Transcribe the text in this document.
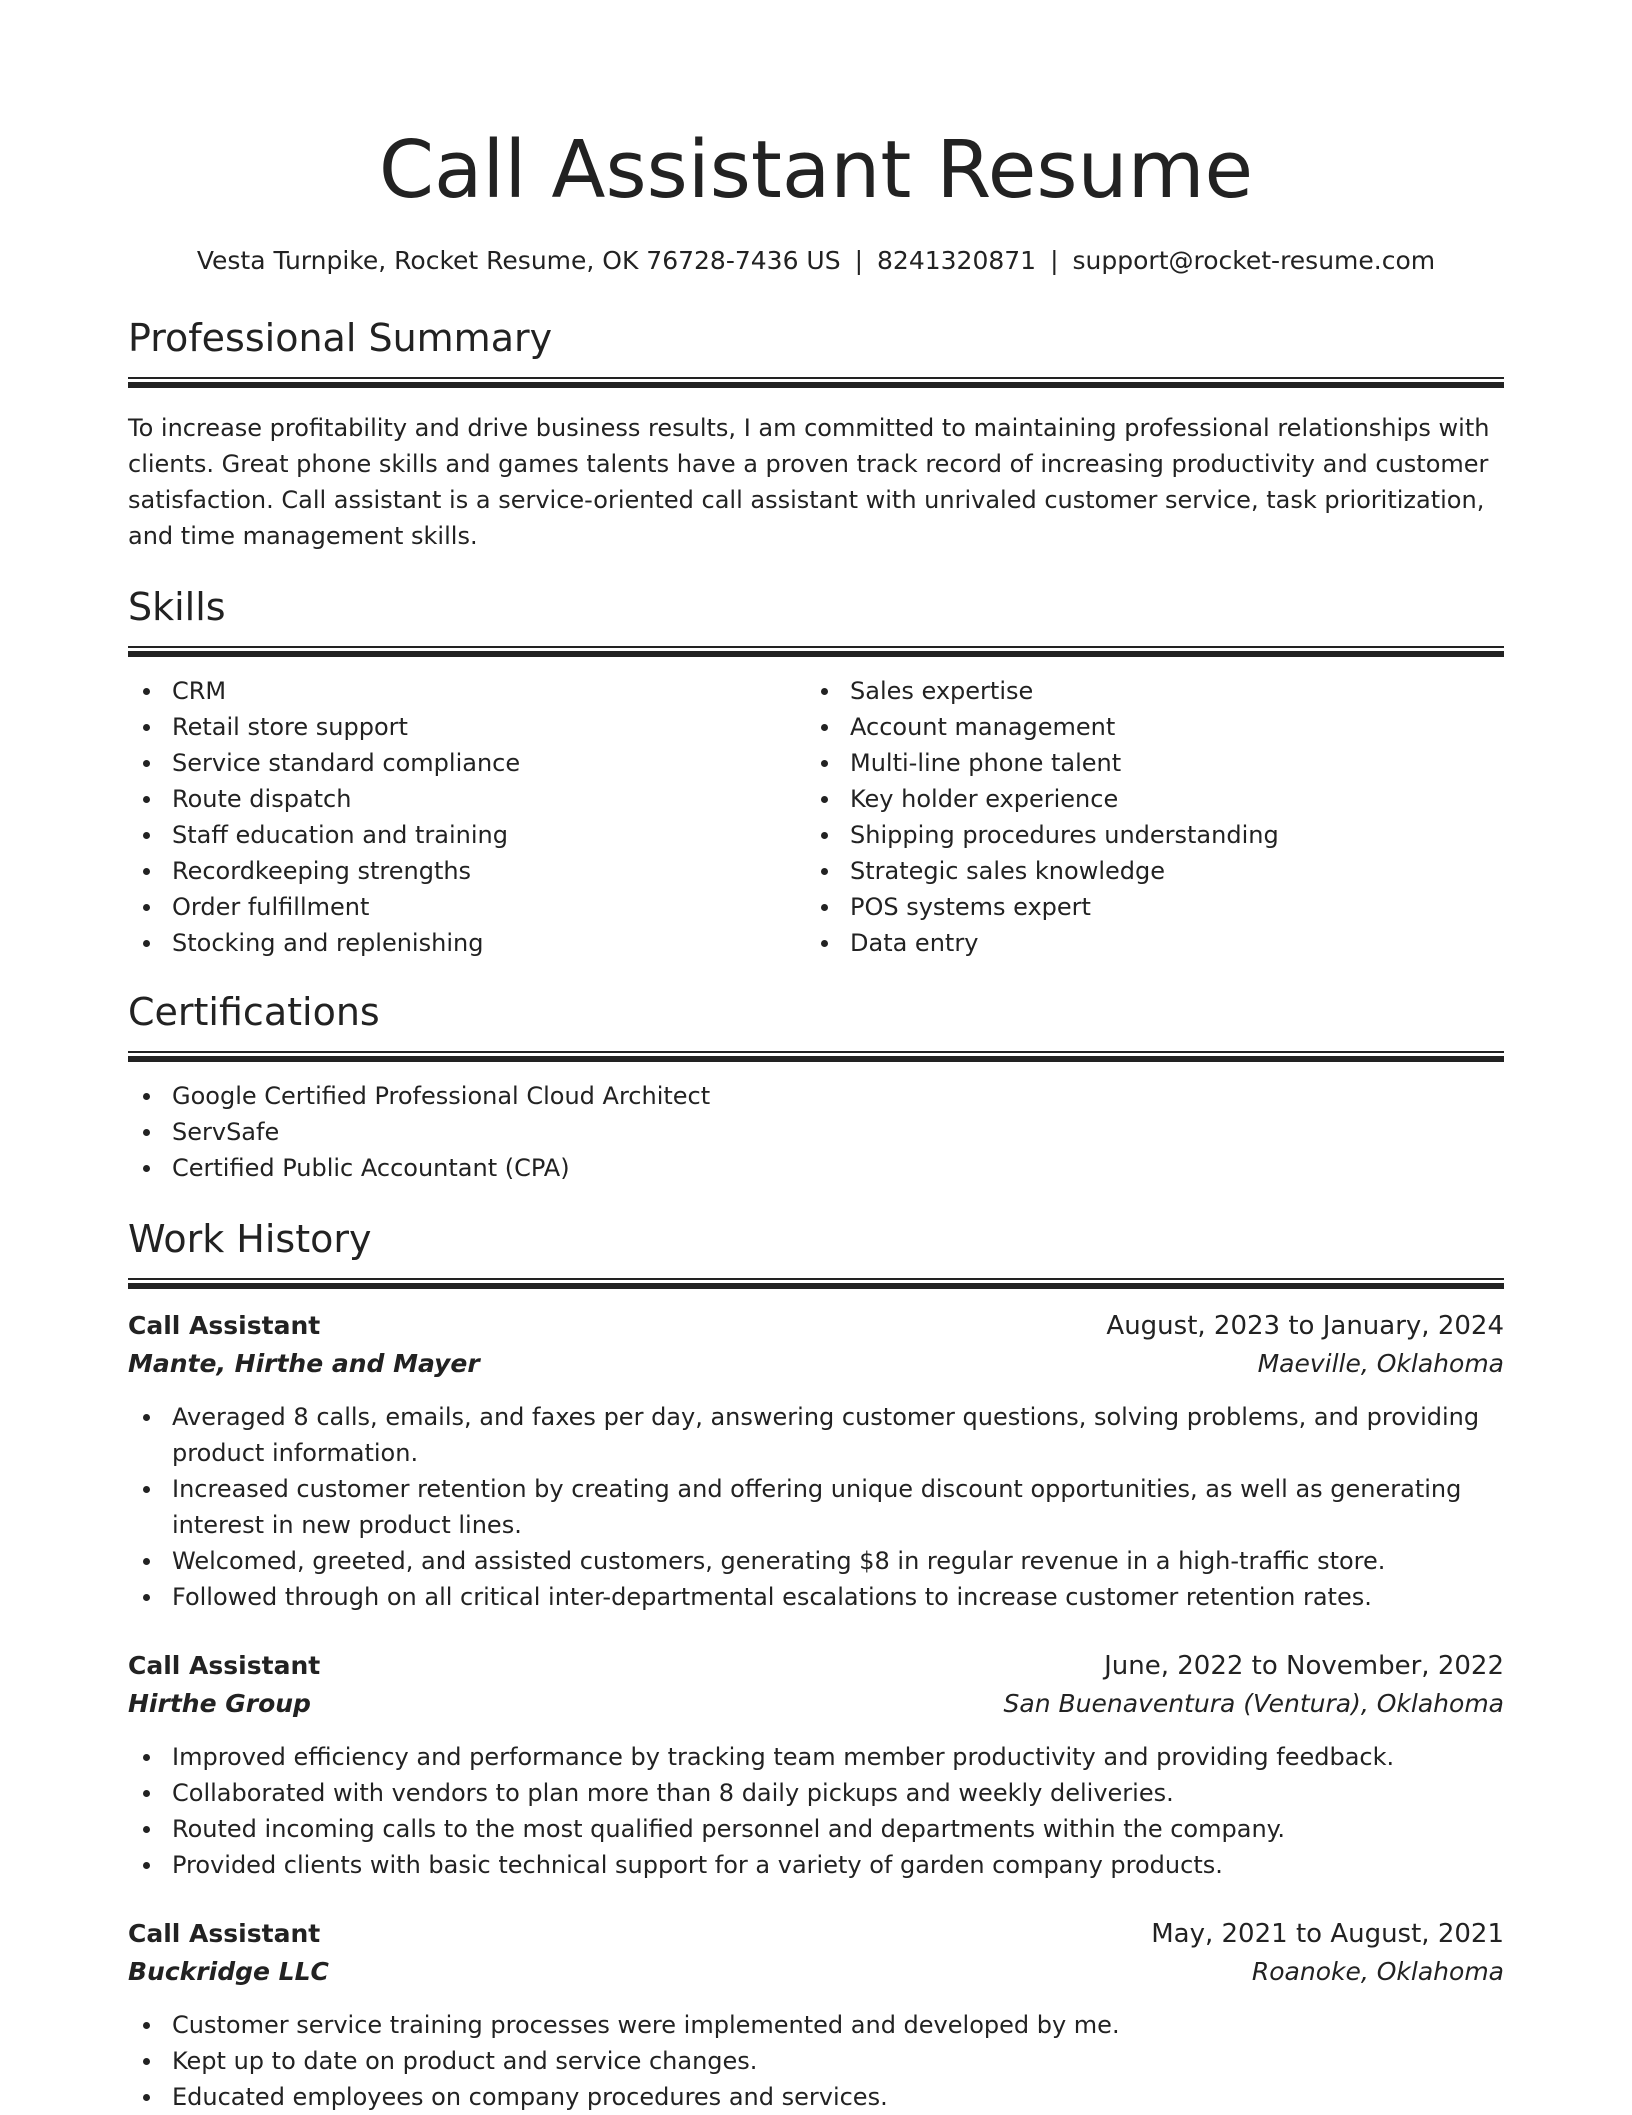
Call Assistant Resume
Vesta Turnpike, Rocket Resume, OK 76728-7436 US | 8241320871 | support@rocket-resume.com
Professional Summary

To increase profitability and drive business results, I am committed to maintaining professional relationships with clients. Great phone skills and games talents have a proven track record of increasing productivity and customer satisfaction. Call assistant is a service-oriented call assistant with unrivaled customer service, task prioritization, and time management skills.

Skills
CRM
Retail store support
Service standard compliance
Route dispatch
Staff education and training
Recordkeeping strengths
Order fulfillment
Stocking and replenishing
Sales expertise
Account management
Multi-line phone talent
Key holder experience
Shipping procedures understanding
Strategic sales knowledge
POS systems expert
Data entry
Certifications
Google Certified Professional Cloud Architect
ServSafe
Certified Public Accountant (CPA)
Work History
Call Assistant	August, 2023 to January, 2024
Mante, Hirthe and Mayer	Maeville, Oklahoma
Averaged 8 calls, emails, and faxes per day, answering customer questions, solving problems, and providing product information.
Increased customer retention by creating and offering unique discount opportunities, as well as generating interest in new product lines.
Welcomed, greeted, and assisted customers, generating $8 in regular revenue in a high-traffic store.
Followed through on all critical inter-departmental escalations to increase customer retention rates.
Call Assistant	June, 2022 to November, 2022
Hirthe Group	San Buenaventura (Ventura), Oklahoma
Improved efficiency and performance by tracking team member productivity and providing feedback.
Collaborated with vendors to plan more than 8 daily pickups and weekly deliveries.
Routed incoming calls to the most qualified personnel and departments within the company.
Provided clients with basic technical support for a variety of garden company products.
Call Assistant	May, 2021 to August, 2021
Buckridge LLC	Roanoke, Oklahoma
Customer service training processes were implemented and developed by me.
Kept up to date on product and service changes.
Educated employees on company procedures and services.
